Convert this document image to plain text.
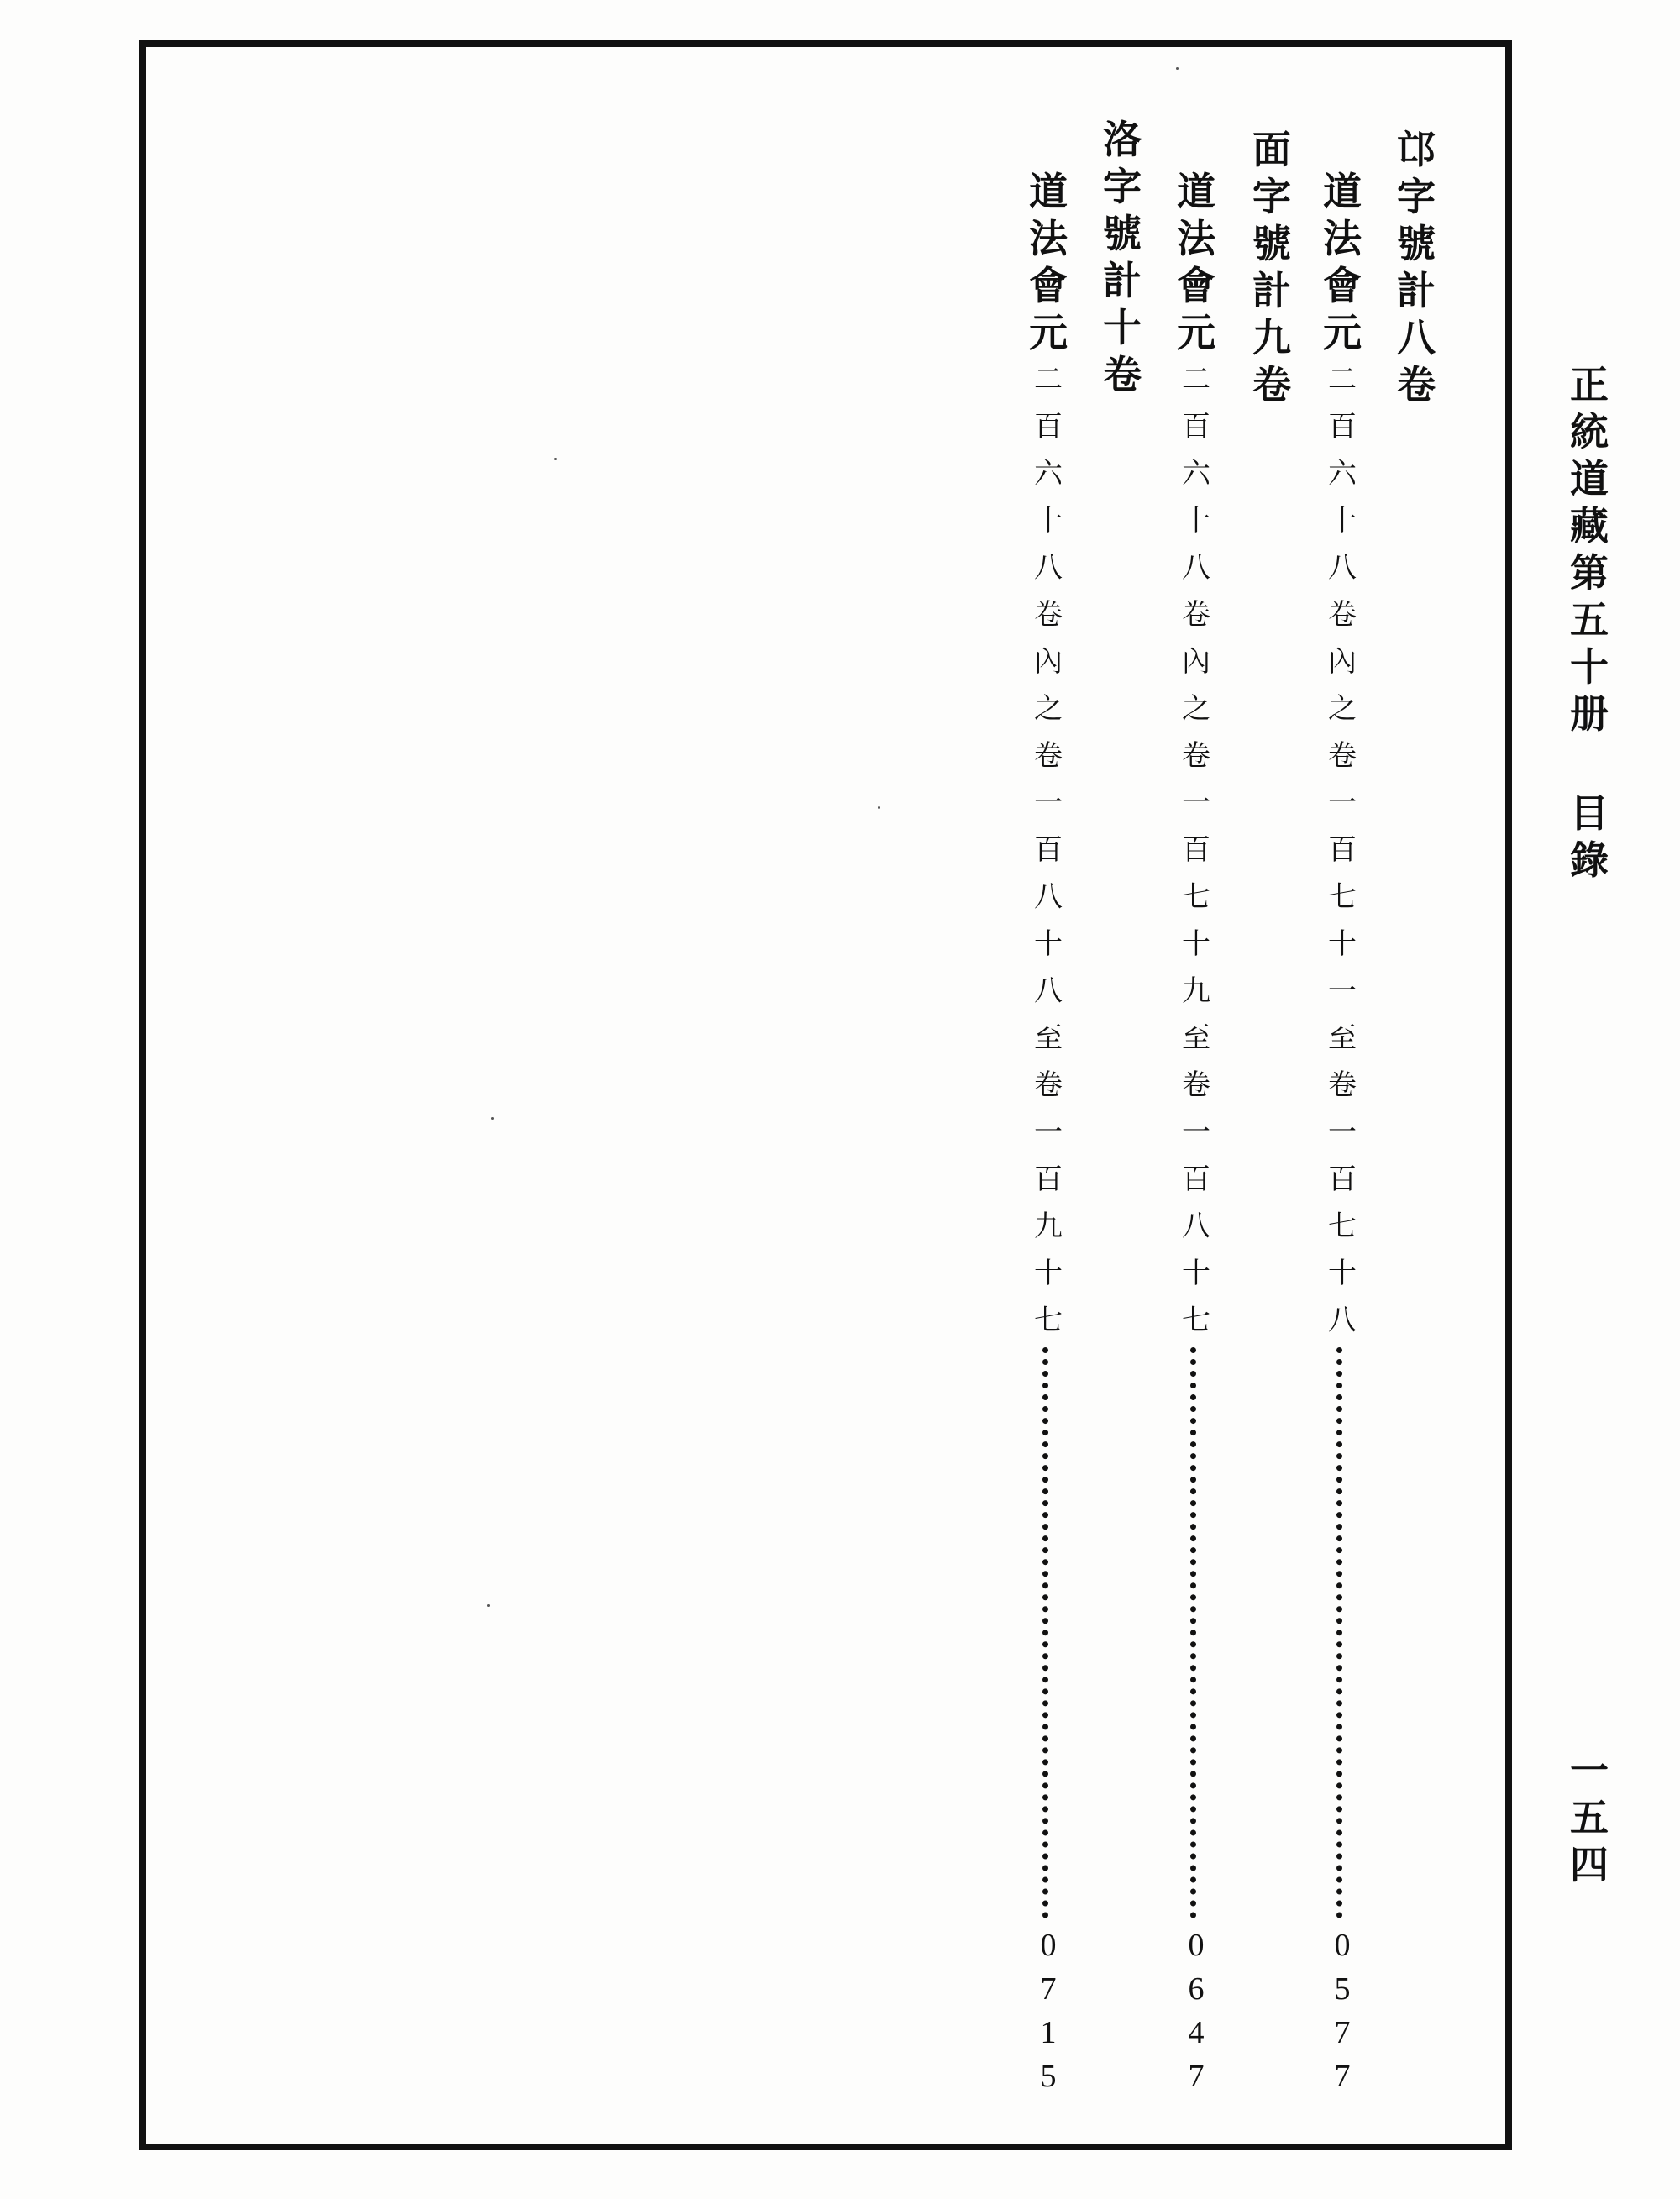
正
統
道
藏
第
五
十
册
目
錄
一
五
四
邙
字
號
計
八
卷
道
法
會
元
二
百
六
十
八
卷
內
之
卷
一
百
七
十
一
至
卷
一
百
七
十
八
0
5
7
7
面
字
號
計
九
卷
道
法
會
元
二
百
六
十
八
卷
內
之
卷
一
百
七
十
九
至
卷
一
百
八
十
七
0
6
4
7
洛
字
號
計
十
卷
道
法
會
元
二
百
六
十
八
卷
內
之
卷
一
百
八
十
八
至
卷
一
百
九
十
七
0
7
1
5
